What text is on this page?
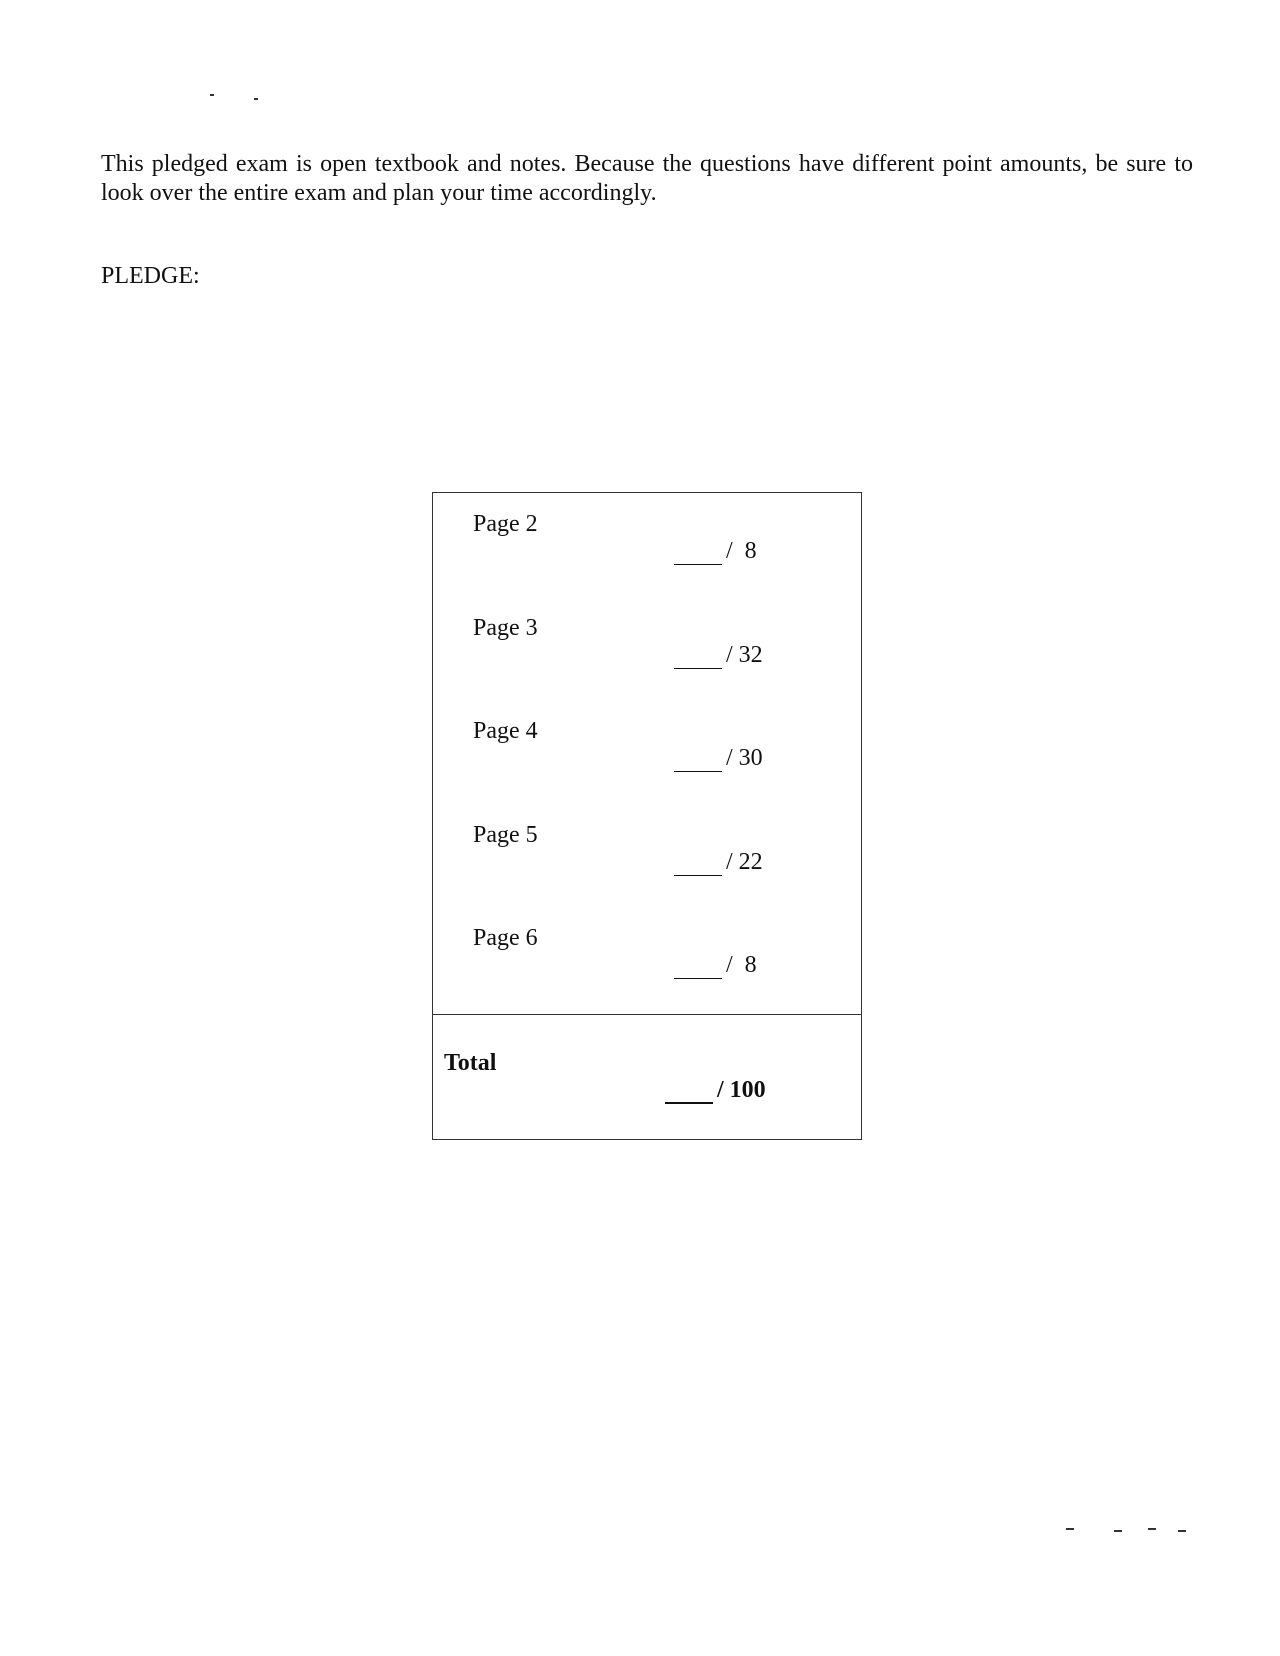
This pledged exam is open textbook and notes. Because the questions have different point amounts, be sure to look over the entire exam and plan your time accordingly.

PLEDGE:

Page 2
/  8
Page 3
/ 32
Page 4
/ 30
Page 5
/ 22
Page 6
/  8
Total
/ 100
